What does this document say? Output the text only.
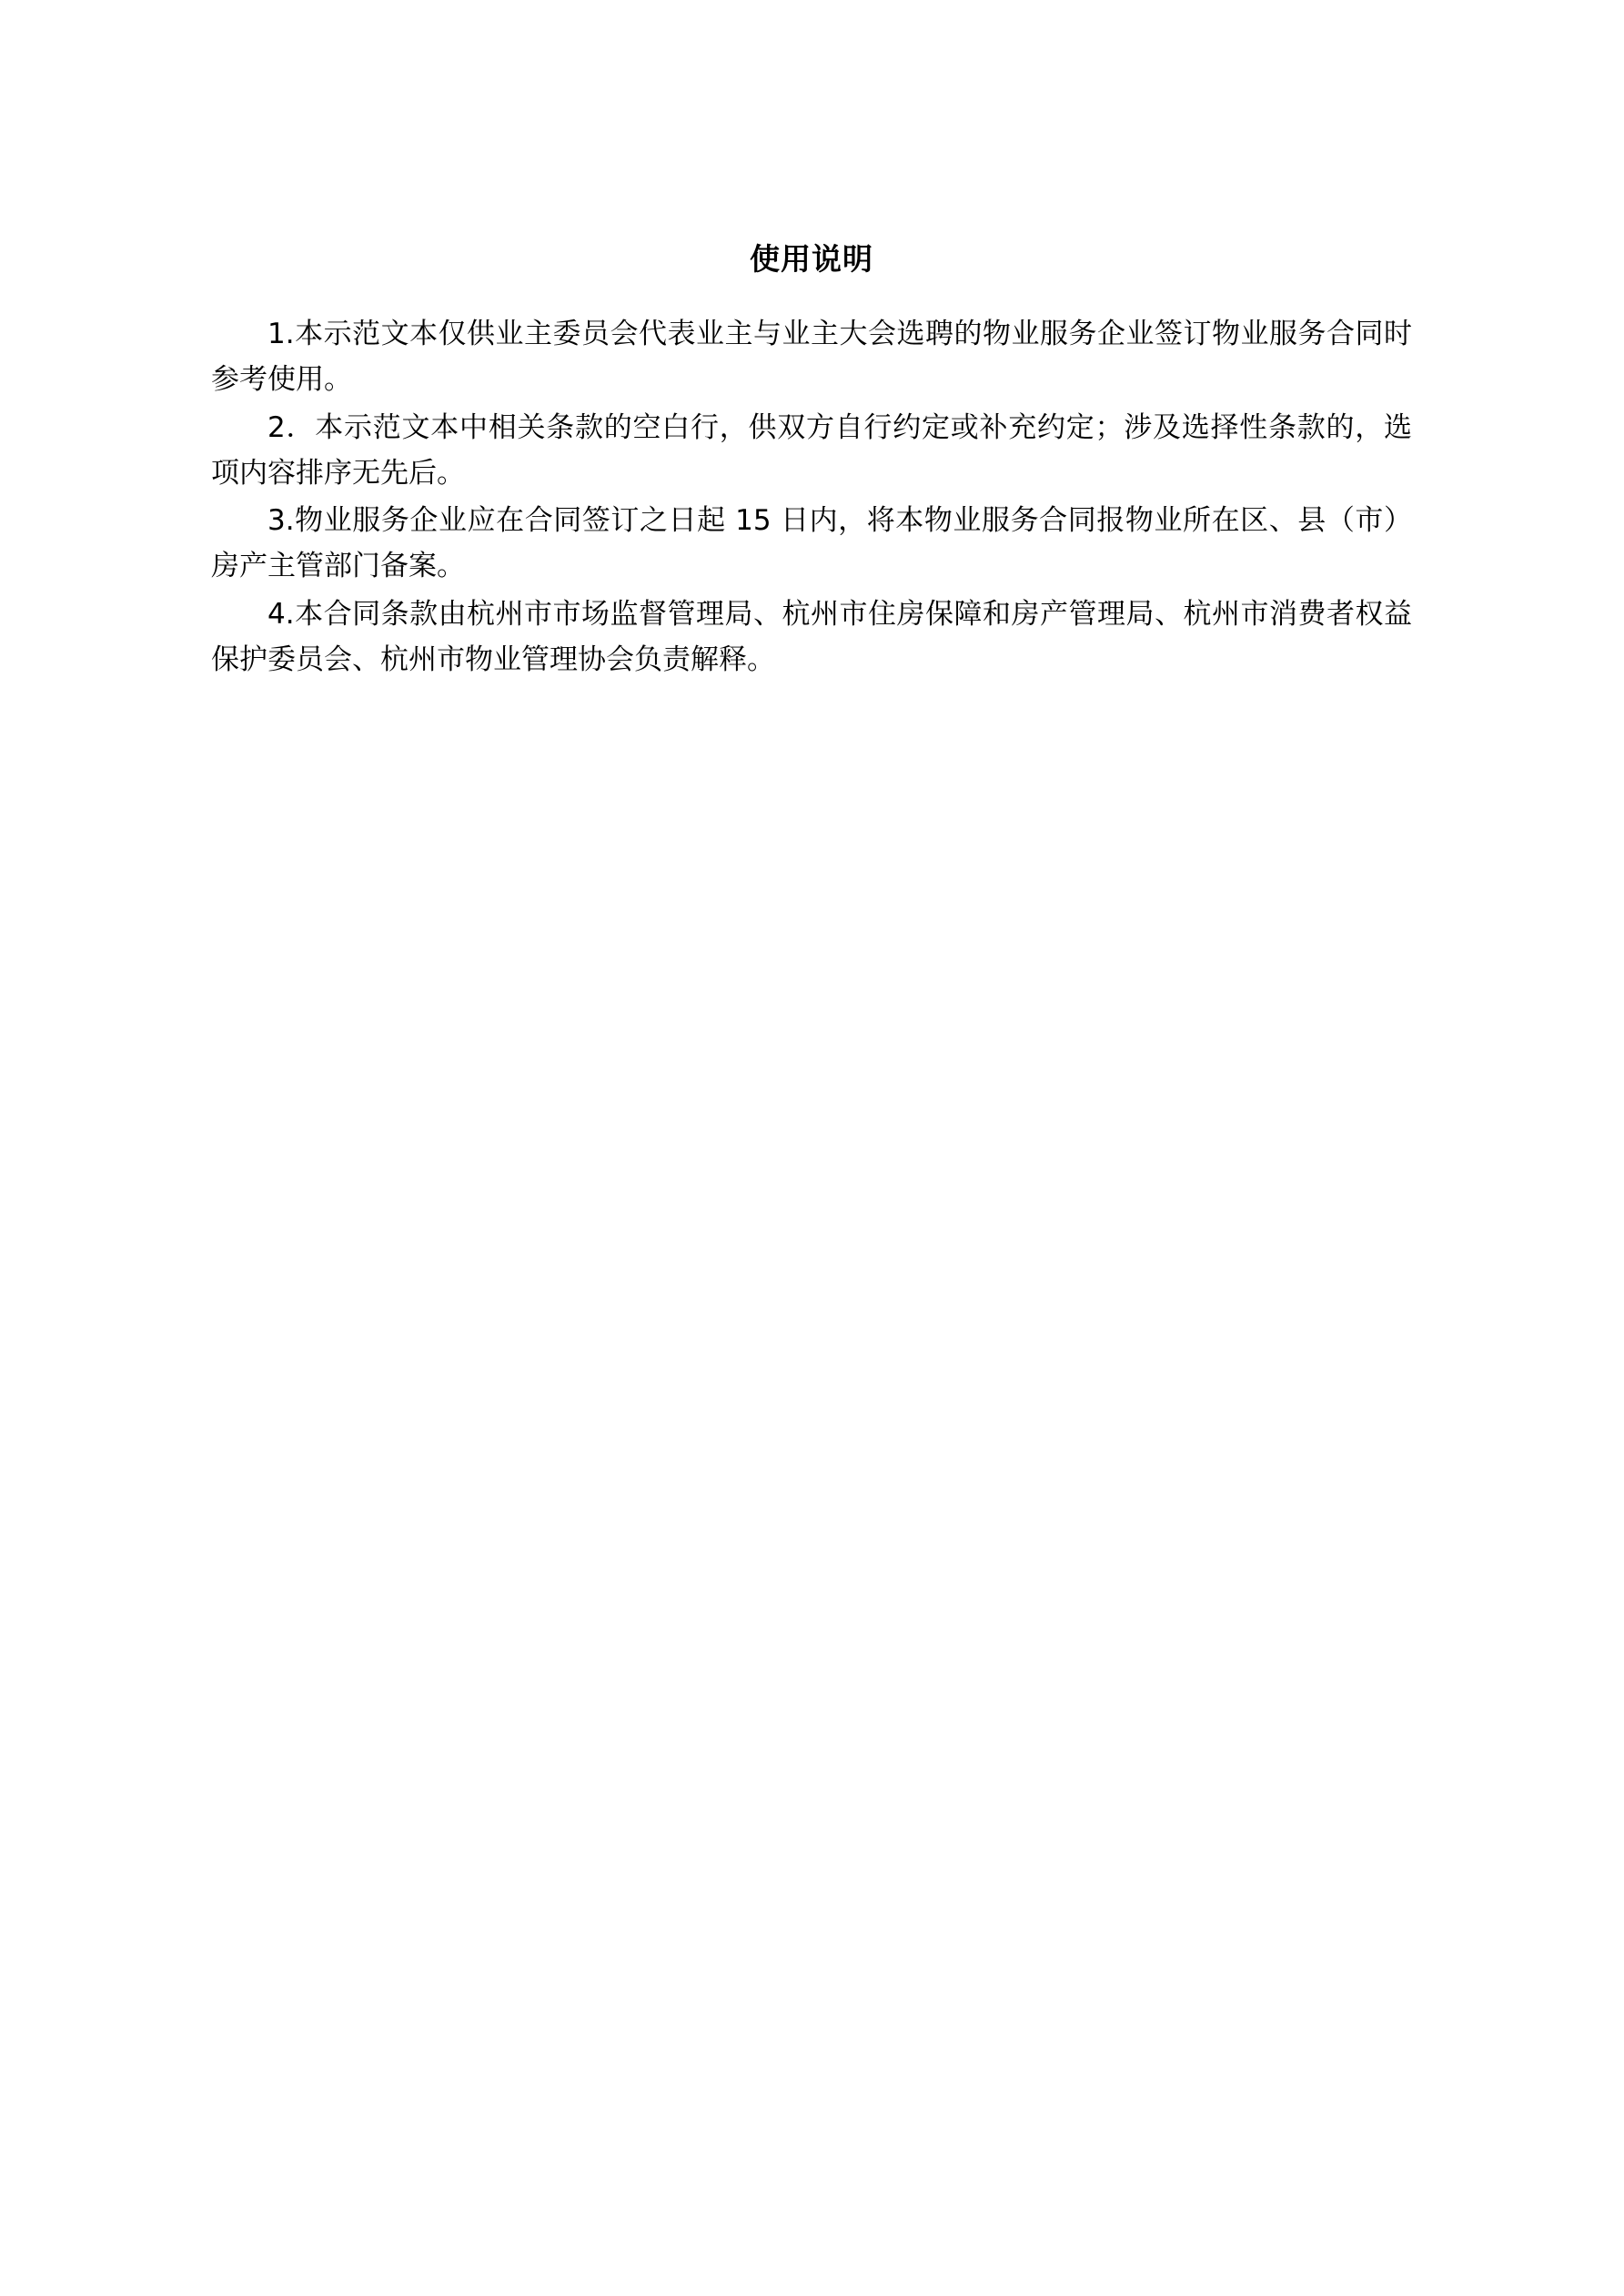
使用说明

1.本示范文本仅供业主委员会代表业主与业主大会选聘的物业服务企业签订物业服务合同时参考使用。

2．本示范文本中相关条款的空白行，供双方自行约定或补充约定；涉及选择性条款的，选项内容排序无先后。

3.物业服务企业应在合同签订之日起 15 日内，将本物业服务合同报物业所在区、县（市）房产主管部门备案。

4.本合同条款由杭州市市场监督管理局、杭州市住房保障和房产管理局、杭州市消费者权益保护委员会、杭州市物业管理协会负责解释。
